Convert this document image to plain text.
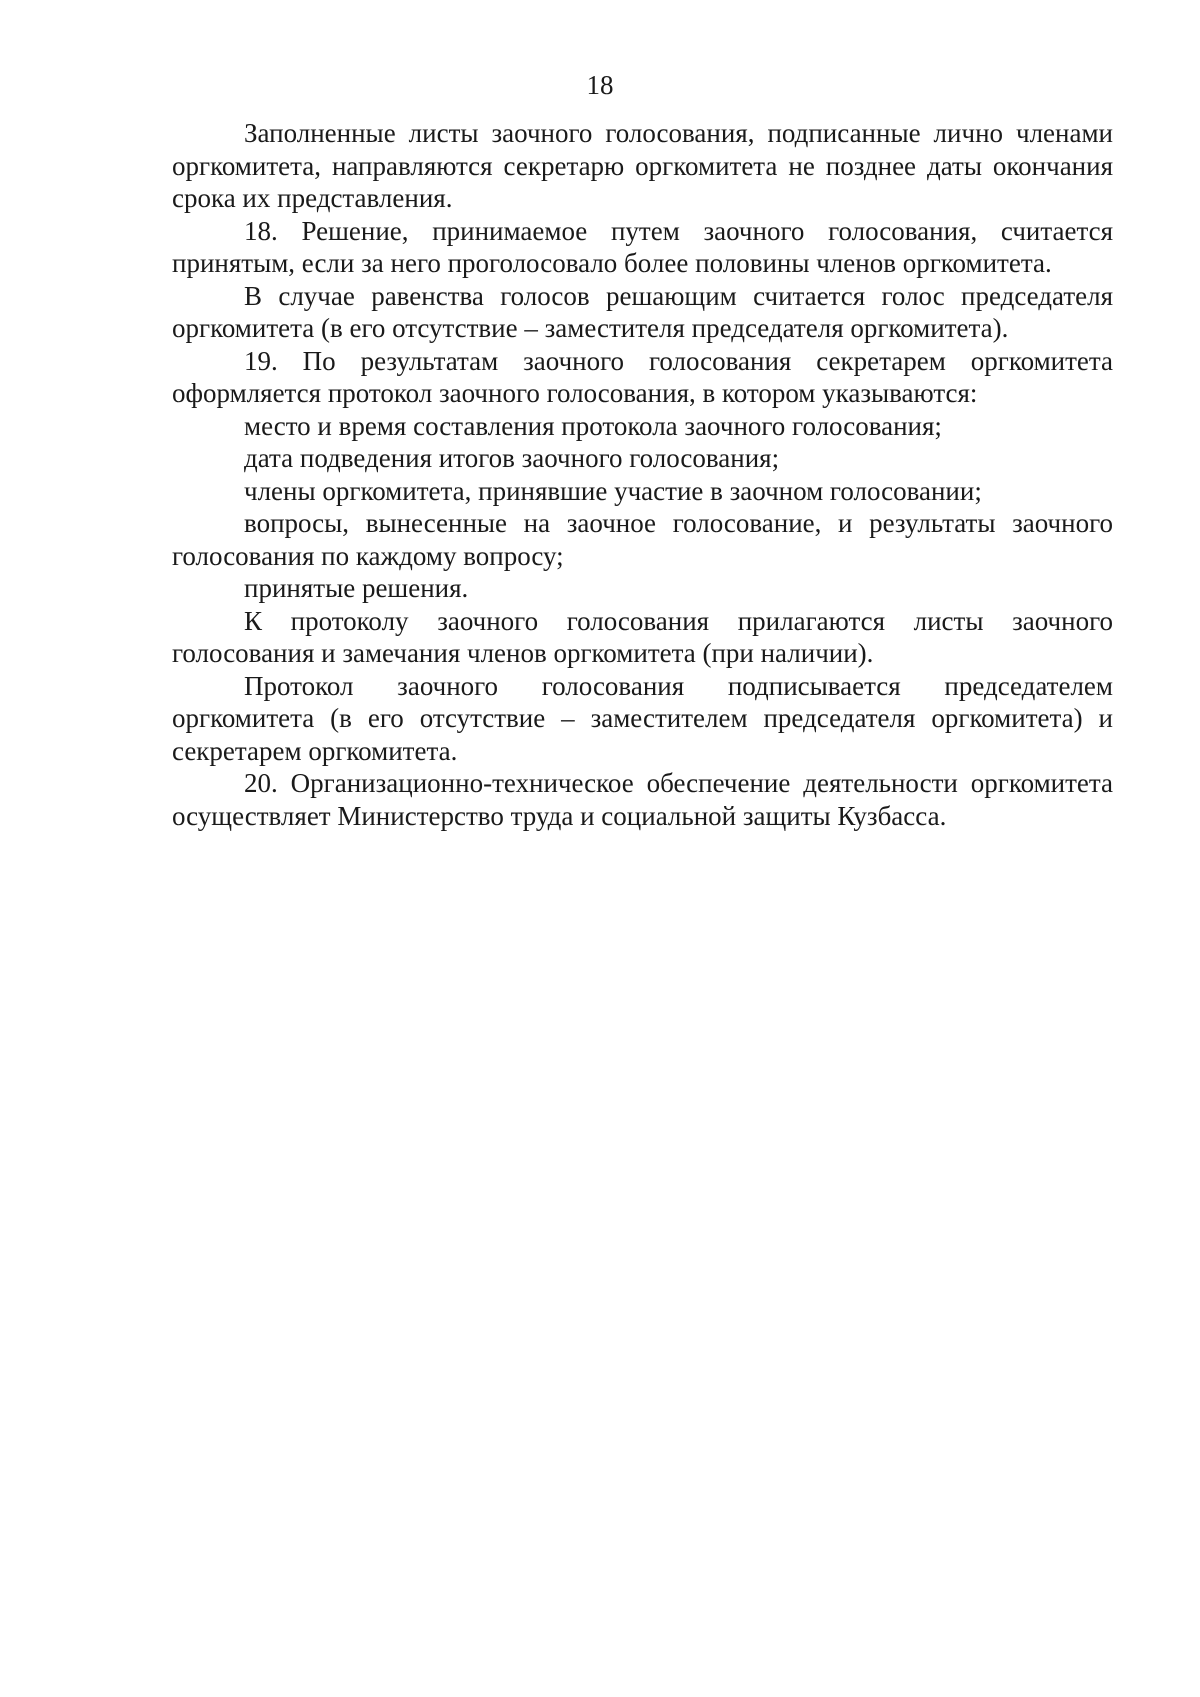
18

Заполненные листы заочного голосования, подписанные лично членами оргкомитета, направляются секретарю оргкомитета не позднее даты окончания срока их представления.

18. Решение, принимаемое путем заочного голосования, считается принятым, если за него проголосовало более половины членов оргкомитета.

В случае равенства голосов решающим считается голос председателя оргкомитета (в его отсутствие – заместителя председателя оргкомитета).

19. По результатам заочного голосования секретарем оргкомитета оформляется протокол заочного голосования, в котором указываются:

место и время составления протокола заочного голосования;

дата подведения итогов заочного голосования;

члены оргкомитета, принявшие участие в заочном голосовании;

вопросы, вынесенные на заочное голосование, и результаты заочного голосования по каждому вопросу;

принятые решения.

К протоколу заочного голосования прилагаются листы заочного голосования и замечания членов оргкомитета (при наличии).

Протокол заочного голосования подписывается председателем оргкомитета (в его отсутствие – заместителем председателя оргкомитета) и секретарем оргкомитета.

20. Организационно-техническое обеспечение деятельности оргкомитета осуществляет Министерство труда и социальной защиты Кузбасса.
